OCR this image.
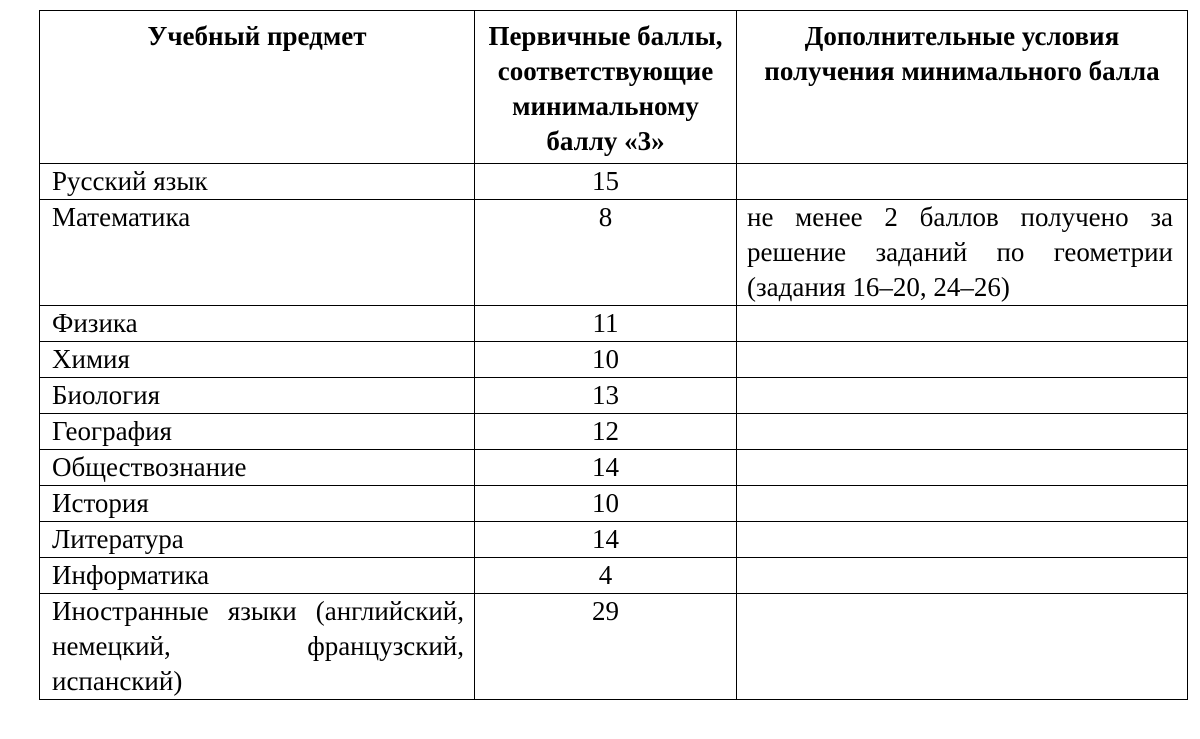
Учебный предмет	Первичные баллы, соответствующие минимальному баллу «3»	Дополнительные условия получения минимального балла
Русский язык	15	
Математика	8	не менее 2 баллов получено за решение заданий по геометрии (задания 16–20, 24–26)
Физика	11	
Химия	10	
Биология	13	
География	12	
Обществознание	14	
История	10	
Литература	14	
Информатика	4	
Иностранные языки (английский, немецкий, французский, испанский)	29	
